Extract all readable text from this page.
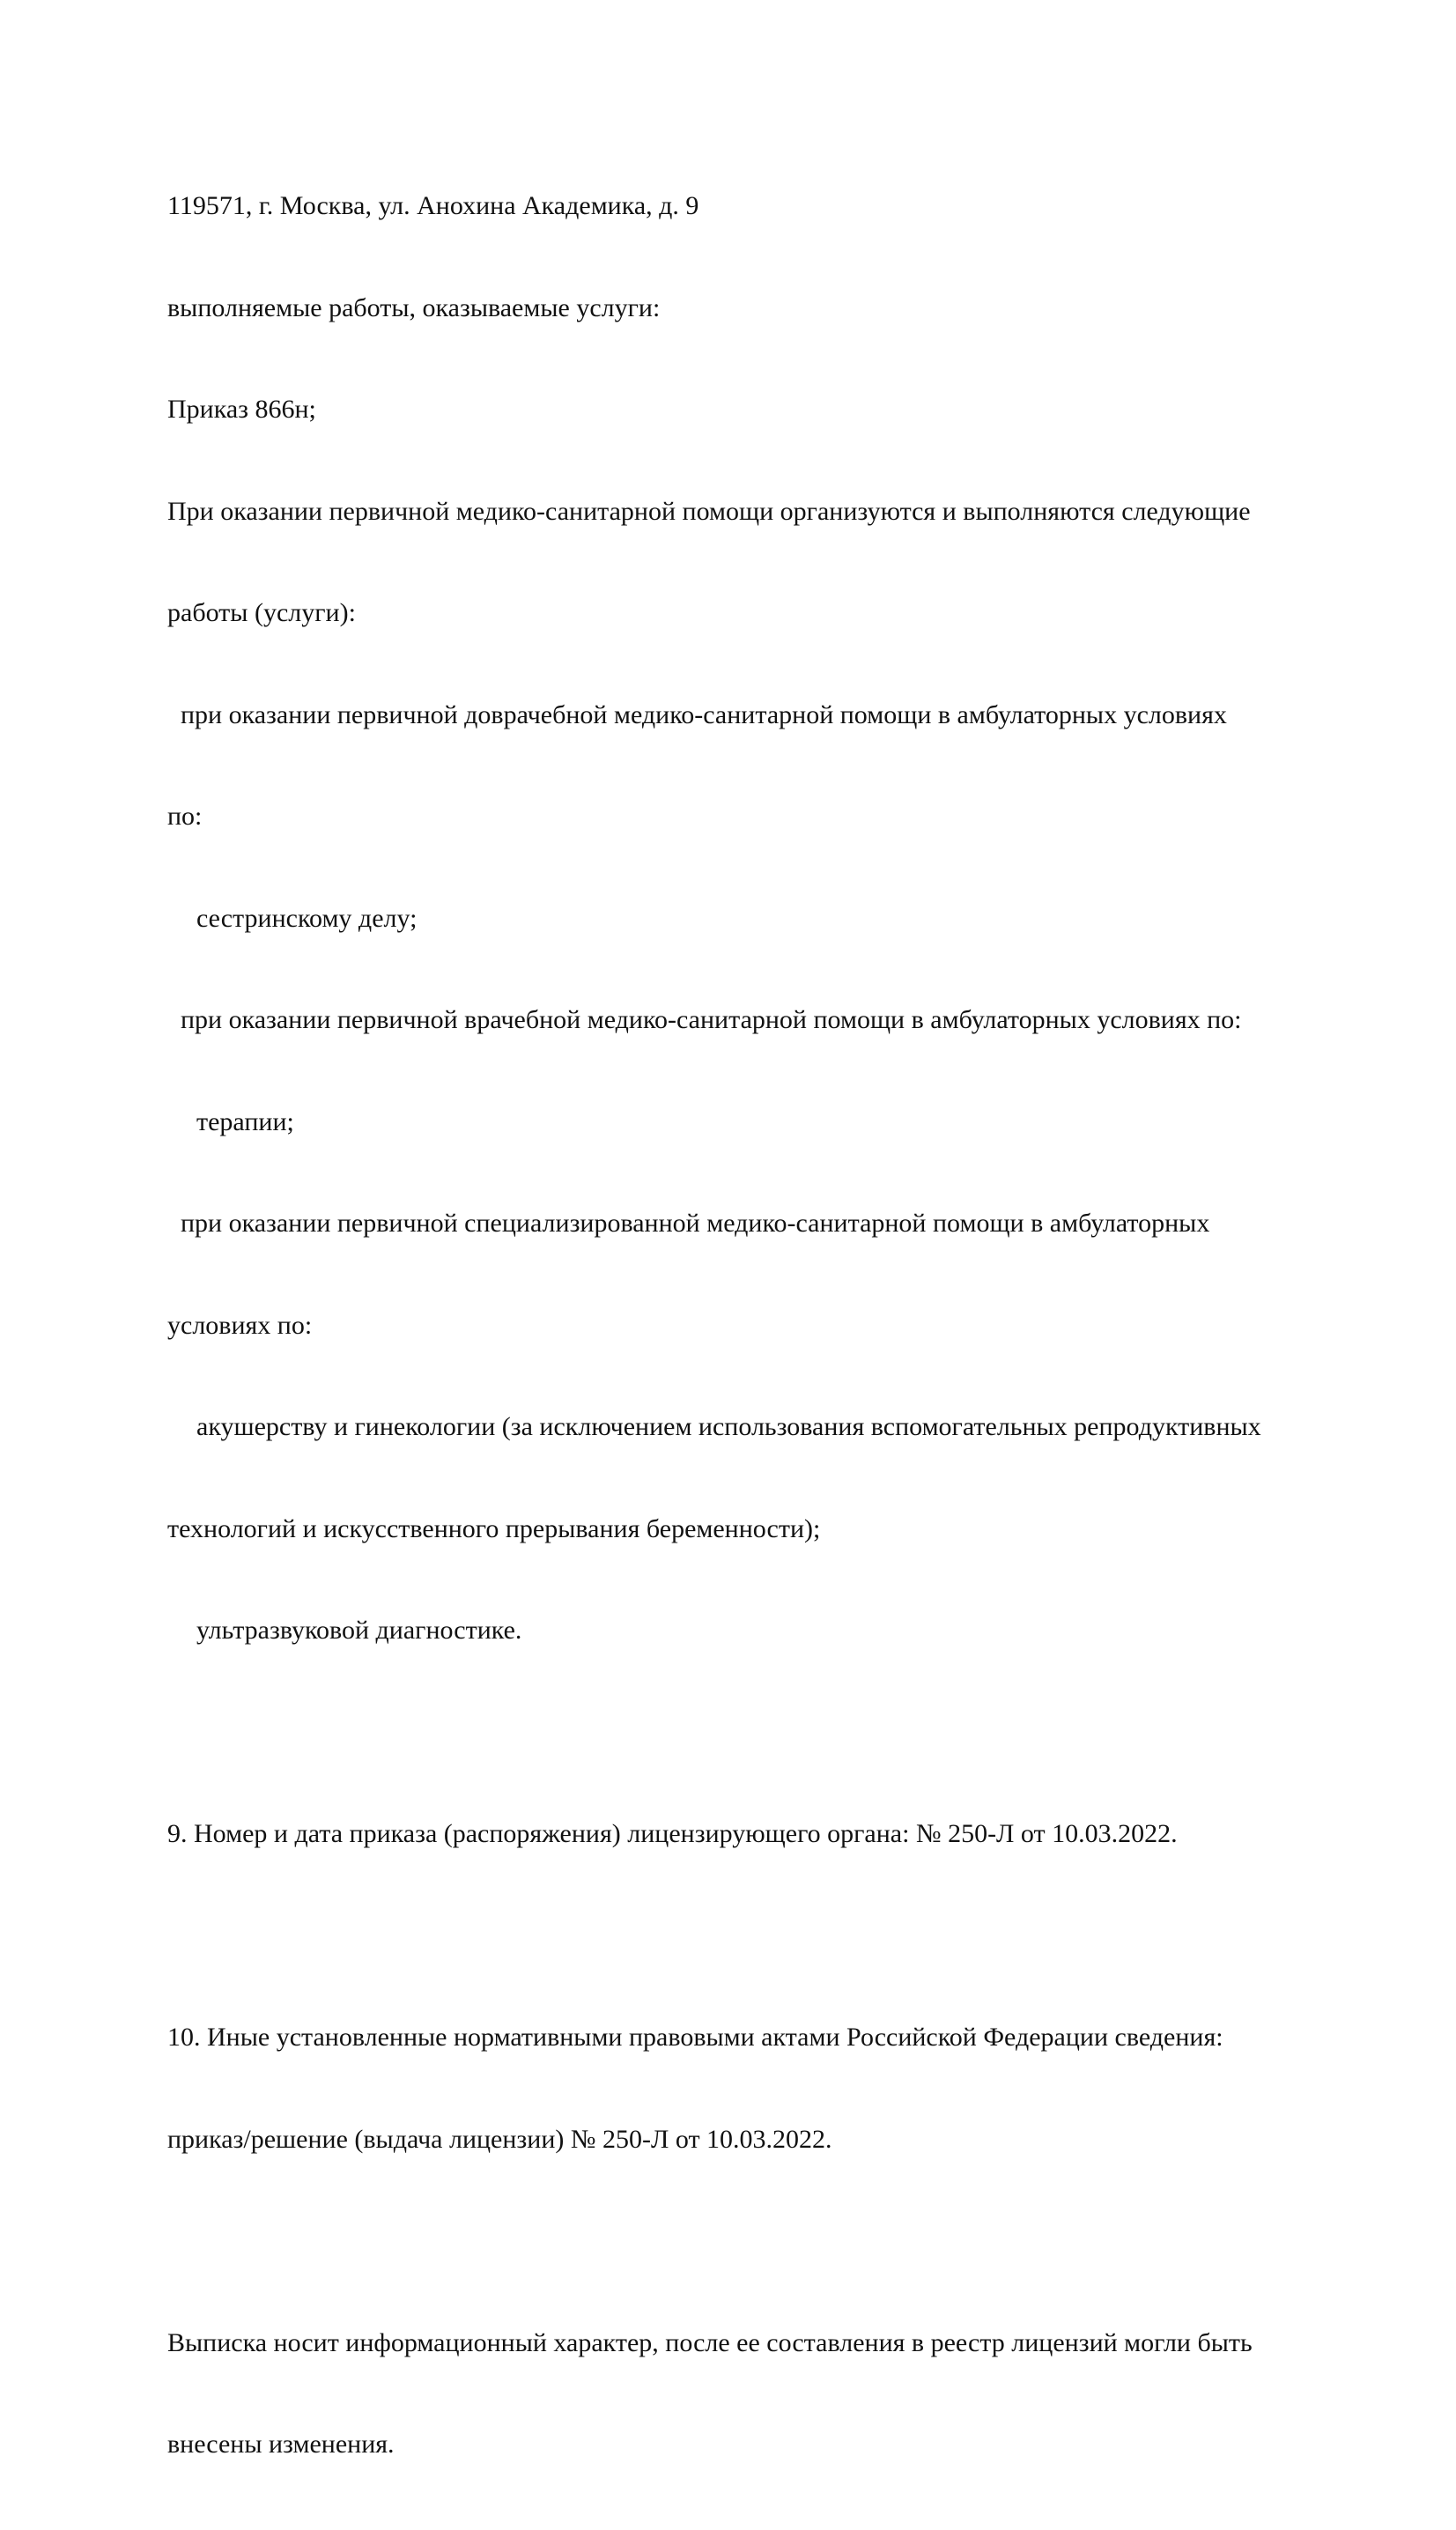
119571, г. Москва, ул. Анохина Академика, д. 9

выполняемые работы, оказываемые услуги:

Приказ 866н;

При оказании первичной медико-санитарной помощи организуются и выполняются следующие

работы (услуги):

при оказании первичной доврачебной медико-санитарной помощи в амбулаторных условиях

по:

сестринскому делу;

при оказании первичной врачебной медико-санитарной помощи в амбулаторных условиях по:

терапии;

при оказании первичной специализированной медико-санитарной помощи в амбулаторных

условиях по:

акушерству и гинекологии (за исключением использования вспомогательных репродуктивных

технологий и искусственного прерывания беременности);

ультразвуковой диагностике.

9. Номер и дата приказа (распоряжения) лицензирующего органа: № 250-Л от 10.03.2022.

10. Иные установленные нормативными правовыми актами Российской Федерации сведения:

приказ/решение (выдача лицензии) № 250-Л от 10.03.2022.

Выписка носит информационный характер, после ее составления в реестр лицензий могли быть

внесены изменения.
